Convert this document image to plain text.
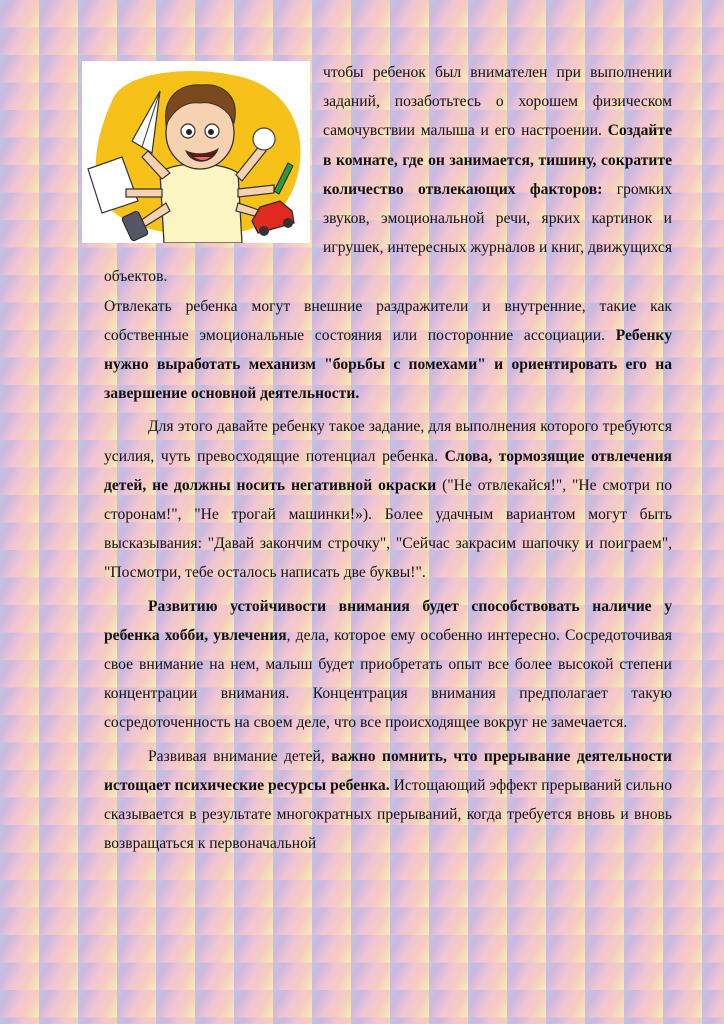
чтобы ребенок был внимателен при выполнении заданий, позаботьтесь о хорошем физическом самочувствии малыша и его настроении. Создайте в комнате, где он занимается, тишину, сократите количество отвлекающих факторов: громких звуков, эмоциональной речи, ярких картинок и игрушек, интересных журналов и книг, движущихся объектов.

Отвлекать ребенка могут внешние раздражители и внутренние, такие как собственные эмоциональные состояния или посторонние ассоциации. Ребенку нужно выработать механизм "борьбы с помехами" и ориентировать его на завершение основной деятельности.

Для этого давайте ребенку такое задание, для выполнения которого требуются усилия, чуть превосходящие потенциал ребенка. Слова, тормозящие отвлечения детей, не должны носить негативной окраски ("Не отвлекайся!", "Не смотри по сторонам!", "Не трогай машинки!»). Более удачным вариантом могут быть высказывания: "Давай закончим строчку", "Сейчас закрасим шапочку и поиграем", "Посмотри, тебе осталось написать две буквы!".

Развитию устойчивости внимания будет способствовать наличие у ребенка хобби, увлечения, дела, которое ему особенно интересно. Сосредоточивая свое внимание на нем, малыш будет приобретать опыт все более высокой степени концентрации внимания. Концентрация внимания предполагает такую сосредоточенность на своем деле, что все происходящее вокруг не замечается.

Развивая внимание детей, важно помнить, что прерывание деятельности истощает психические ресурсы ребенка. Истощающий эффект прерываний сильно сказывается в результате многократных прерываний, когда требуется вновь и вновь возвращаться к первоначальной
